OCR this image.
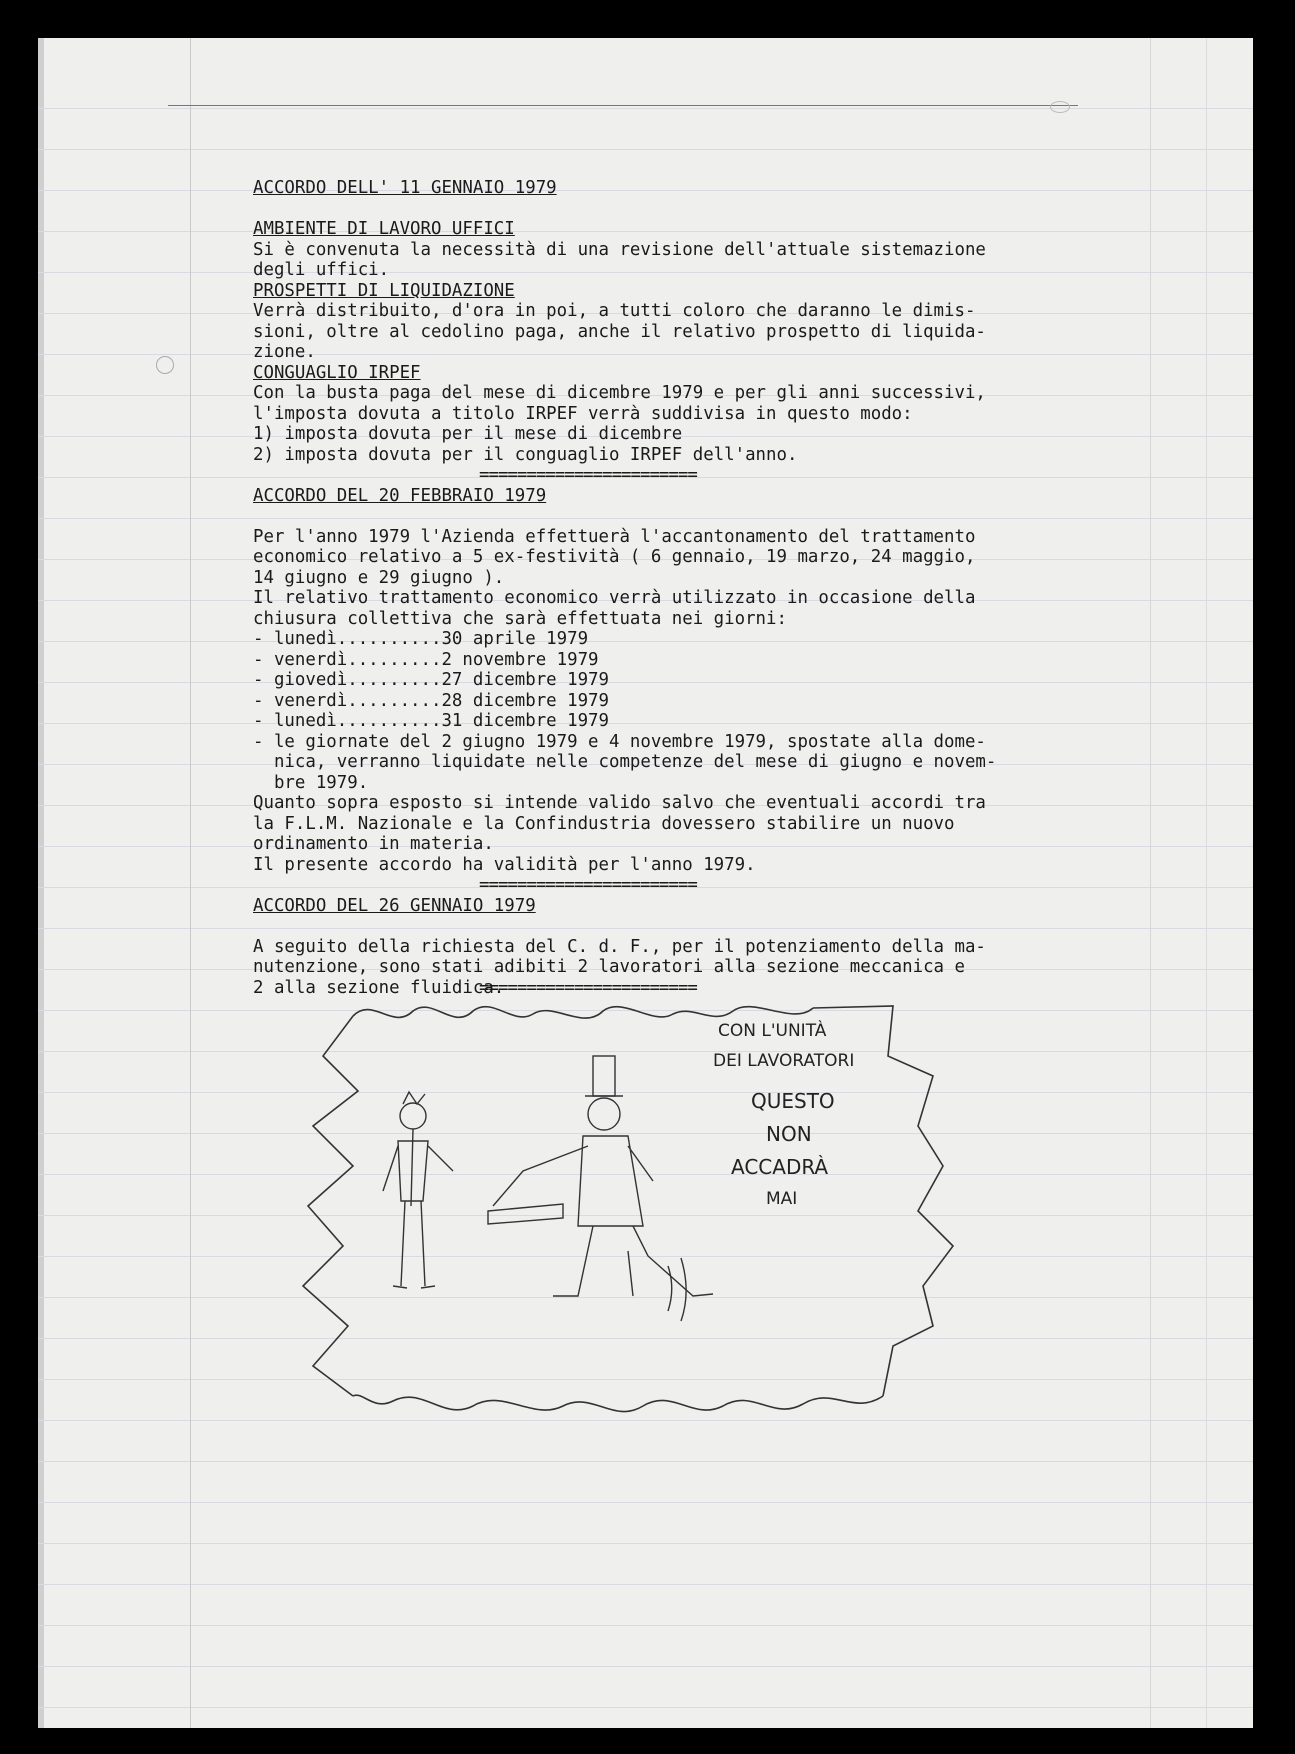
ACCORDO DELL' 11 GENNAIO 1979
AMBIENTE DI LAVORO UFFICI
Si è convenuta la necessità di una revisione dell'attuale sistemazione
degli uffici.
PROSPETTI DI LIQUIDAZIONE
Verrà distribuito, d'ora in poi, a tutti coloro che daranno le dimis-
sioni, oltre al cedolino paga, anche il relativo prospetto di liquida-
zione.
CONGUAGLIO IRPEF
Con la busta paga del mese di dicembre 1979 e per gli anni successivi,
l'imposta dovuta a titolo IRPEF verrà suddivisa in questo modo:
1) imposta dovuta per il mese di dicembre
2) imposta dovuta per il conguaglio IRPEF dell'anno.
=======================
ACCORDO DEL 20 FEBBRAIO 1979
Per l'anno 1979 l'Azienda effettuerà l'accantonamento del trattamento
economico relativo a 5 ex-festività ( 6 gennaio, 19 marzo, 24 maggio,
14 giugno e 29 giugno ).
Il relativo trattamento economico verrà utilizzato in occasione della
chiusura collettiva che sarà effettuata nei giorni:
- lunedì..........30 aprile 1979
- venerdì.........2 novembre 1979
- giovedì.........27 dicembre 1979
- venerdì.........28 dicembre 1979
- lunedì..........31 dicembre 1979
- le giornate del 2 giugno 1979 e 4 novembre 1979, spostate alla dome-
nica, verranno liquidate nelle competenze del mese di giugno e novem-
bre 1979.
Quanto sopra esposto si intende valido salvo che eventuali accordi tra
la F.L.M. Nazionale e la Confindustria dovessero stabilire un nuovo
ordinamento in materia.
Il presente accordo ha validità per l'anno 1979.
=======================
ACCORDO DEL 26 GENNAIO 1979
A seguito della richiesta del C. d. F., per il potenziamento della ma-
nutenzione, sono stati adibiti 2 lavoratori alla sezione meccanica e
2 alla sezione fluidica.
=======================
CON L'UNITÀ
DEI LAVORATORI
QUESTO
NON
ACCADRÀ
MAI
